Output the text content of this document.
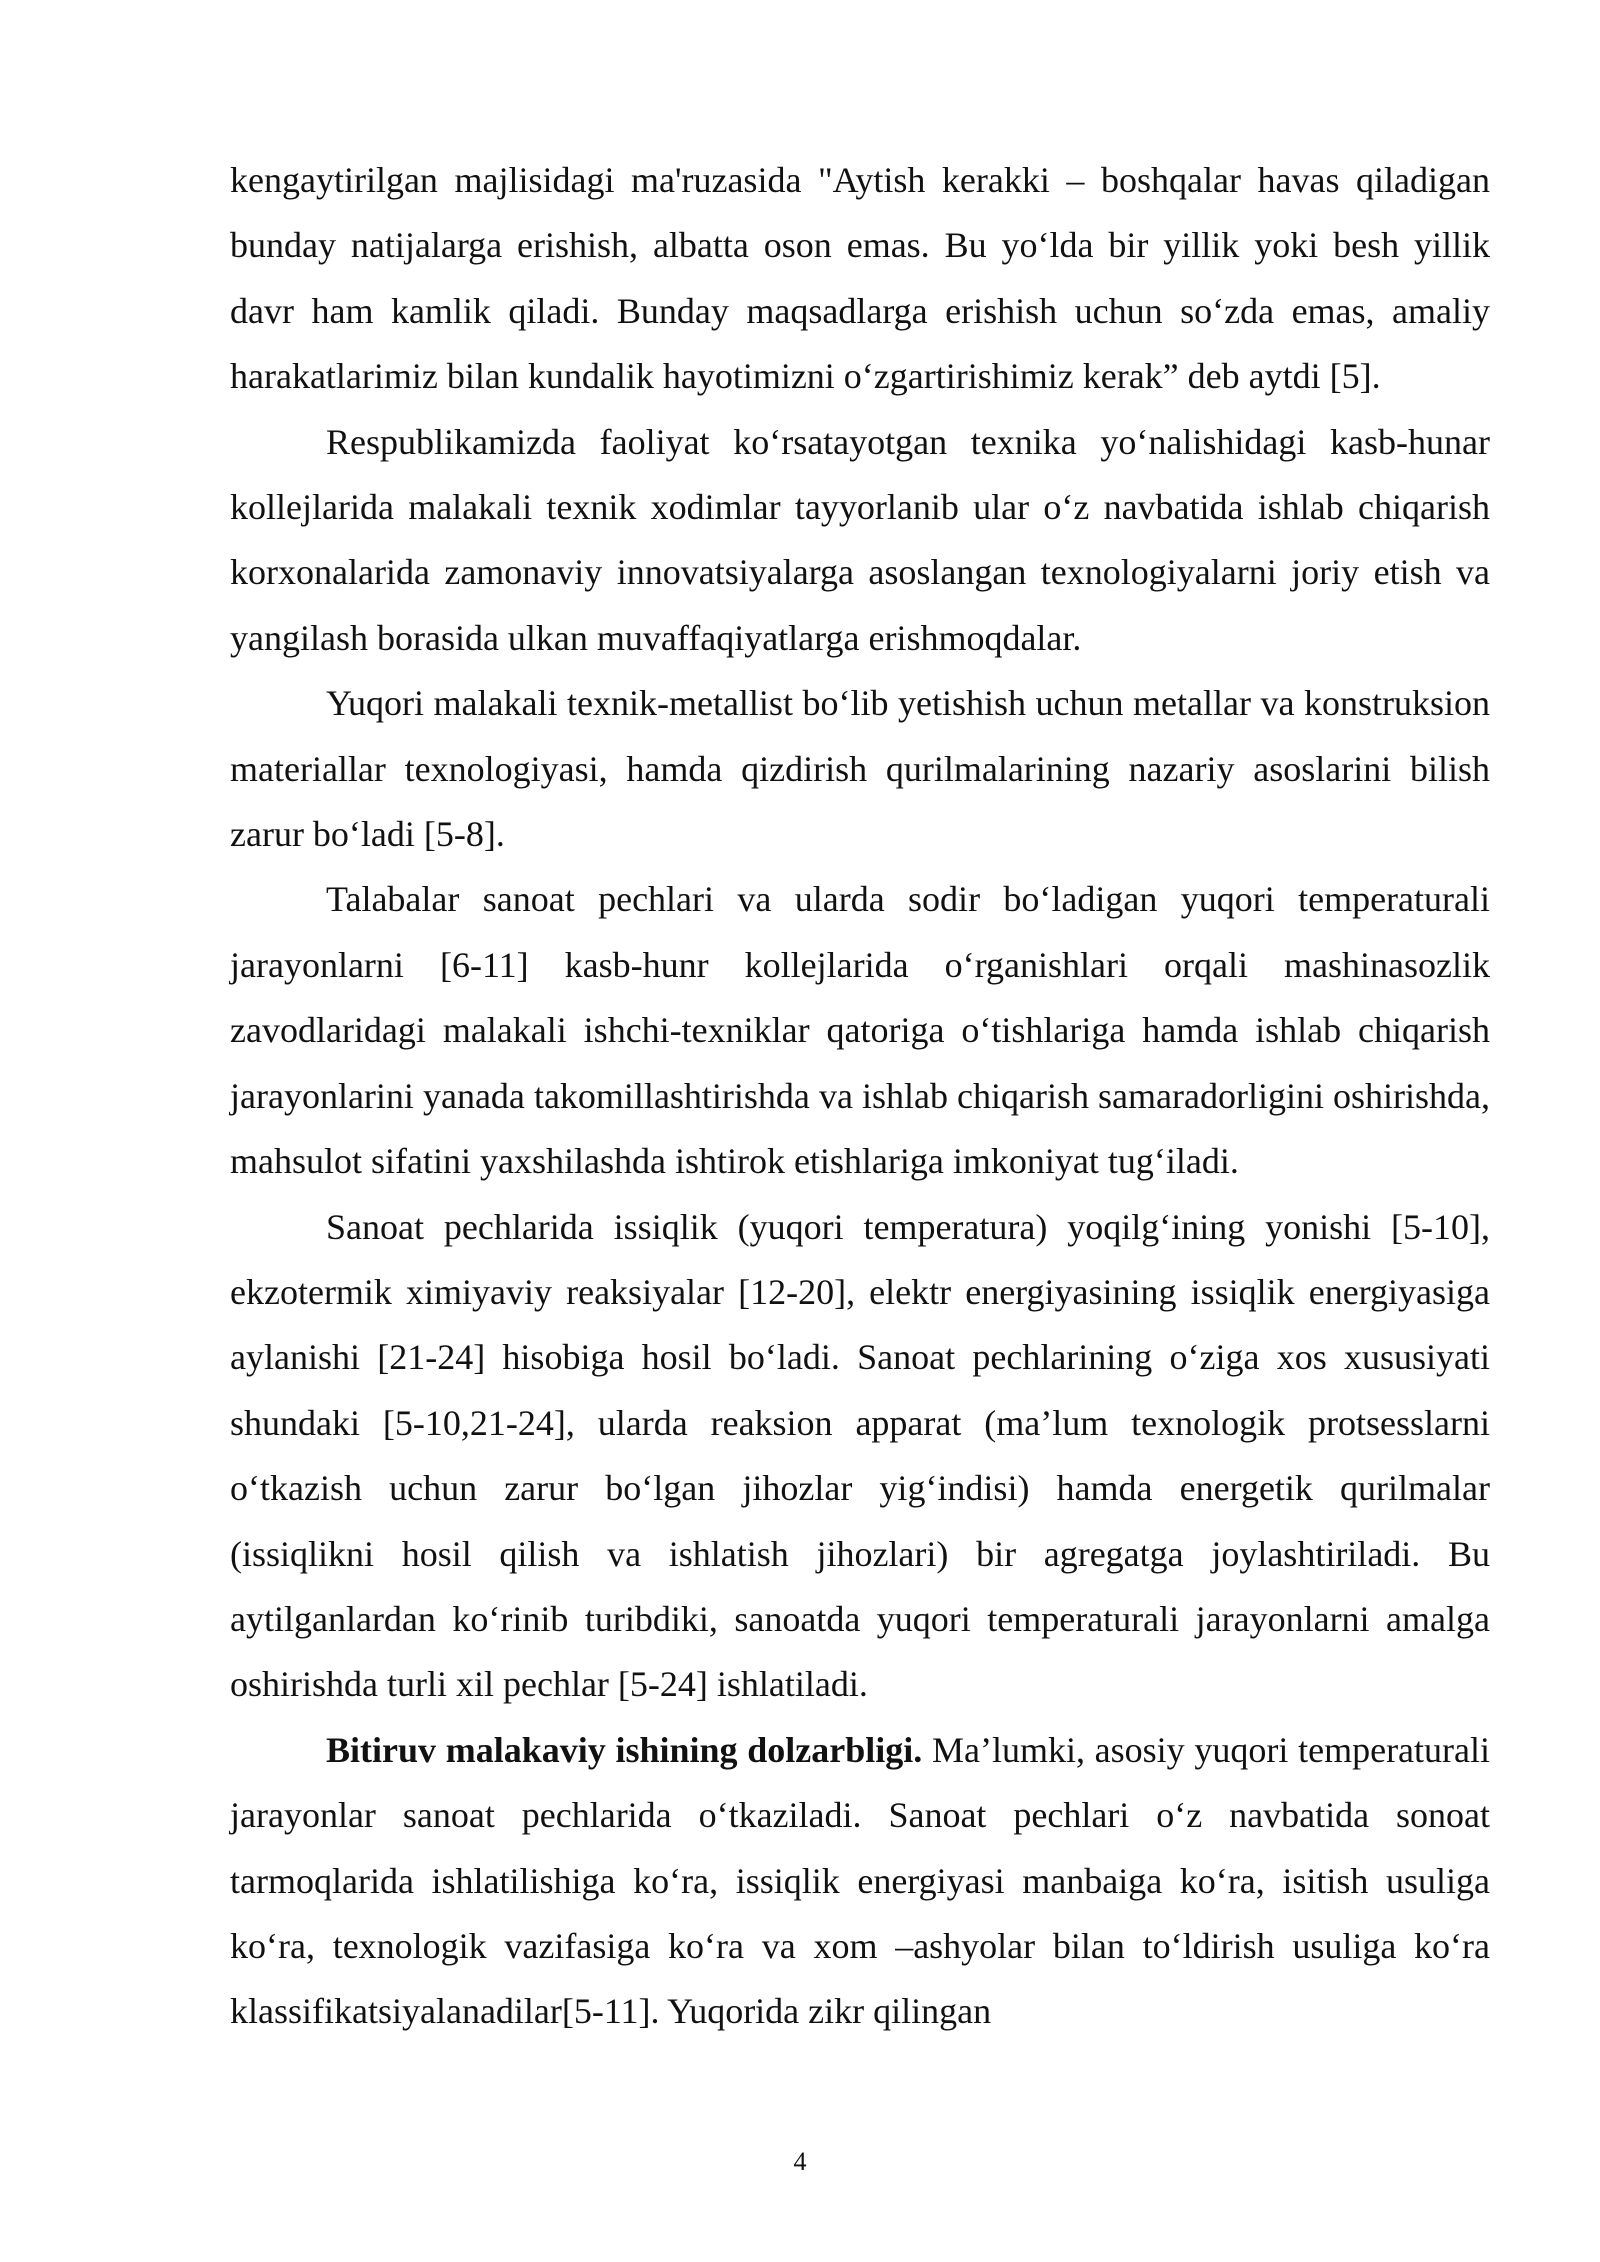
kengaytirilgan majlisidagi ma'ruzasida "Aytish kerakki – boshqalar havas qiladigan bunday natijalarga erishish, albatta oson emas. Bu yo‘lda bir yillik yoki besh yillik davr ham kamlik qiladi. Bunday maqsadlarga erishish uchun so‘zda emas, amaliy harakatlarimiz bilan kundalik hayotimizni o‘zgartirishimiz kerak” deb aytdi [5].

Respublikamizda faoliyat ko‘rsatayotgan texnika yo‘nalishidagi kasb-hunar kollejlarida malakali texnik xodimlar tayyorlanib ular o‘z navbatida ishlab chiqarish korxonalarida zamonaviy innovatsiyalarga asoslangan texnologiyalarni joriy etish va yangilash borasida ulkan muvaffaqiyatlarga erishmoqdalar.

Yuqori malakali texnik-metallist bo‘lib yetishish uchun metallar va konstruksion materiallar texnologiyasi, hamda qizdirish qurilmalarining nazariy asoslarini bilish zarur bo‘ladi [5-8].

Talabalar sanoat pechlari va ularda sodir bo‘ladigan yuqori temperaturali jarayonlarni [6-11] kasb-hunr kollejlarida o‘rganishlari orqali mashinasozlik zavodlaridagi malakali ishchi-texniklar qatoriga o‘tishlariga hamda ishlab chiqarish jarayonlarini yanada takomillashtirishda va ishlab chiqarish samaradorligini oshirishda, mahsulot sifatini yaxshilashda ishtirok etishlariga imkoniyat tug‘iladi.

Sanoat pechlarida issiqlik (yuqori temperatura) yoqilg‘ining yonishi [5-10], ekzotermik ximiyaviy reaksiyalar [12-20], elektr energiyasining issiqlik energiyasiga aylanishi [21-24] hisobiga hosil bo‘ladi. Sanoat pechlarining o‘ziga xos xususiyati shundaki [5-10,21-24], ularda reaksion apparat (ma’lum texnologik protsesslarni o‘tkazish uchun zarur bo‘lgan jihozlar yig‘indisi) hamda energetik qurilmalar (issiqlikni hosil qilish va ishlatish jihozlari) bir agregatga joylashtiriladi. Bu aytilganlardan ko‘rinib turibdiki, sanoatda yuqori temperaturali jarayonlarni amalga oshirishda turli xil pechlar [5-24] ishlatiladi.

Bitiruv malakaviy ishining dolzarbligi. Ma’lumki, asosiy yuqori temperaturali jarayonlar sanoat pechlarida o‘tkaziladi. Sanoat pechlari o‘z navbatida sonoat tarmoqlarida ishlatilishiga ko‘ra, issiqlik energiyasi manbaiga ko‘ra, isitish usuliga ko‘ra, texnologik vazifasiga ko‘ra va xom –ashyolar bilan to‘ldirish usuliga ko‘ra klassifikatsiyalanadilar[5-11]. Yuqorida zikr qilingan

4
